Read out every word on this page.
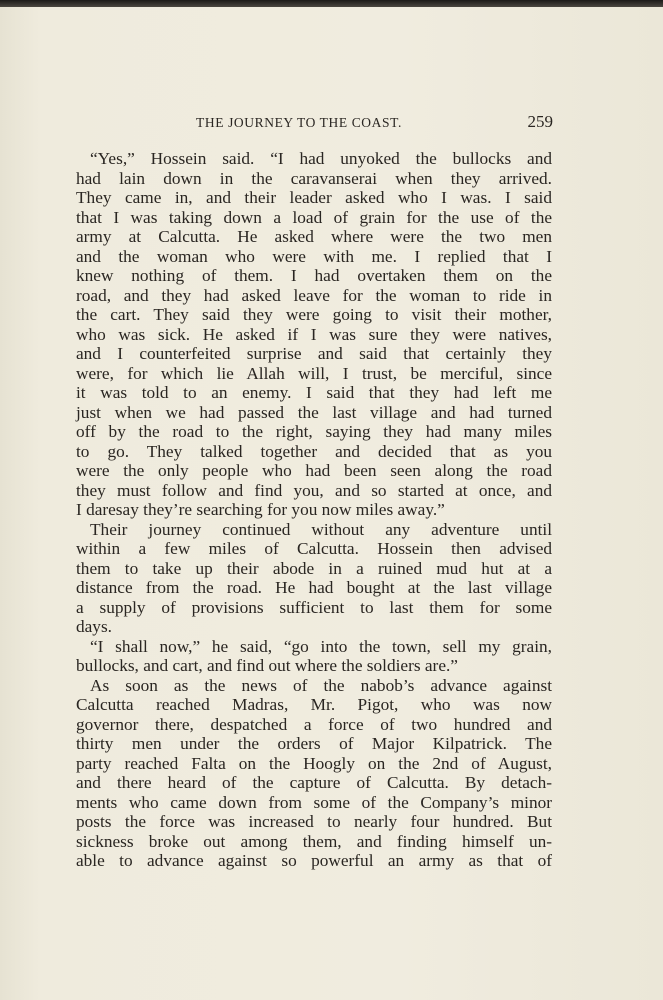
THE JOURNEY TO THE COAST.	259
“Yes,” Hossein said. “I had unyoked the bullocks and
had lain down in the caravanserai when they arrived.
They came in, and their leader asked who I was. I said
that I was taking down a load of grain for the use of the
army at Calcutta. He asked where were the two men
and the woman who were with me. I replied that I
knew nothing of them. I had overtaken them on the
road, and they had asked leave for the woman to ride in
the cart. They said they were going to visit their mother,
who was sick. He asked if I was sure they were natives,
and I counterfeited surprise and said that certainly they
were, for which lie Allah will, I trust, be merciful, since
it was told to an enemy. I said that they had left me
just when we had passed the last village and had turned
off by the road to the right, saying they had many miles
to go. They talked together and decided that as you
were the only people who had been seen along the road
they must follow and find you, and so started at once, and
I daresay they’re searching for you now miles away.”
Their journey continued without any adventure until
within a few miles of Calcutta. Hossein then advised
them to take up their abode in a ruined mud hut at a
distance from the road. He had bought at the last village
a supply of provisions sufficient to last them for some
days.
“I shall now,” he said, “go into the town, sell my grain,
bullocks, and cart, and find out where the soldiers are.”
As soon as the news of the nabob’s advance against
Calcutta reached Madras, Mr. Pigot, who was now
governor there, despatched a force of two hundred and
thirty men under the orders of Major Kilpatrick. The
party reached Falta on the Hoogly on the 2nd of August,
and there heard of the capture of Calcutta. By detach-
ments who came down from some of the Company’s minor
posts the force was increased to nearly four hundred. But
sickness broke out among them, and finding himself un-
able to advance against so powerful an army as that of
